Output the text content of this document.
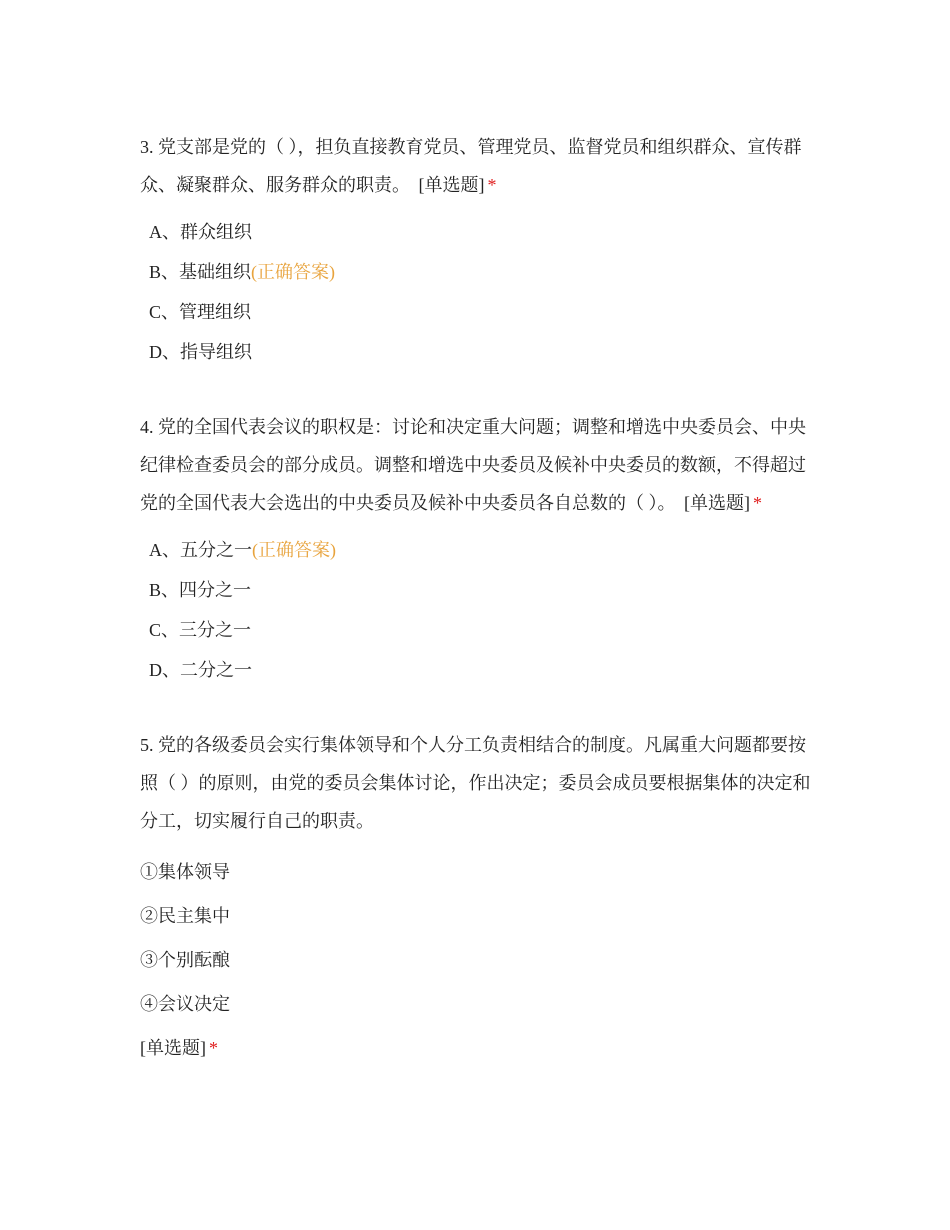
3. 党支部是党的（ ），担负直接教育党员、管理党员、监督党员和组织群众、宣传群众、凝聚群众、服务群众的职责。 [单选题] *

A、群众组织
B、基础组织(正确答案)
C、管理组织
D、指导组织

4. 党的全国代表会议的职权是：讨论和决定重大问题；调整和增选中央委员会、中央纪律检查委员会的部分成员。调整和增选中央委员及候补中央委员的数额，不得超过党的全国代表大会选出的中央委员及候补中央委员各自总数的（ ）。 [单选题] *

A、五分之一(正确答案)
B、四分之一
C、三分之一
D、二分之一

5. 党的各级委员会实行集体领导和个人分工负责相结合的制度。凡属重大问题都要按照（ ）的原则，由党的委员会集体讨论，作出决定；委员会成员要根据集体的决定和分工，切实履行自己的职责。

①集体领导
②民主集中
③个别酝酿
④会议决定
[单选题] *
